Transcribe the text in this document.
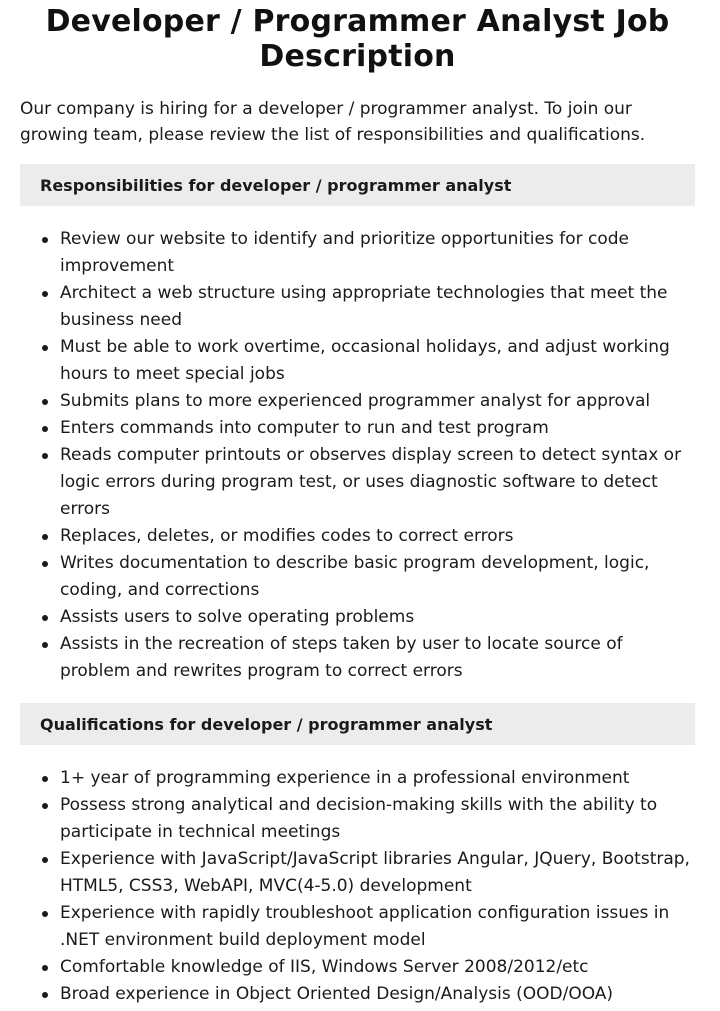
Developer / Programmer Analyst Job Description

Our company is hiring for a developer / programmer analyst. To join our growing team, please review the list of responsibilities and qualifications.

Responsibilities for developer / programmer analyst
Review our website to identify and prioritize opportunities for code improvement
Architect a web structure using appropriate technologies that meet the business need
Must be able to work overtime, occasional holidays, and adjust working hours to meet special jobs
Submits plans to more experienced programmer analyst for approval
Enters commands into computer to run and test program
Reads computer printouts or observes display screen to detect syntax or logic errors during program test, or uses diagnostic software to detect errors
Replaces, deletes, or modifies codes to correct errors
Writes documentation to describe basic program development, logic, coding, and corrections
Assists users to solve operating problems
Assists in the recreation of steps taken by user to locate source of problem and rewrites program to correct errors
Qualifications for developer / programmer analyst
1+ year of programming experience in a professional environment
Possess strong analytical and decision-making skills with the ability to participate in technical meetings
Experience with JavaScript/JavaScript libraries Angular, JQuery, Bootstrap, HTML5, CSS3, WebAPI, MVC(4-5.0) development
Experience with rapidly troubleshoot application configuration issues in .NET environment build deployment model
Comfortable knowledge of IIS, Windows Server 2008/2012/etc
Broad experience in Object Oriented Design/Analysis (OOD/OOA)
